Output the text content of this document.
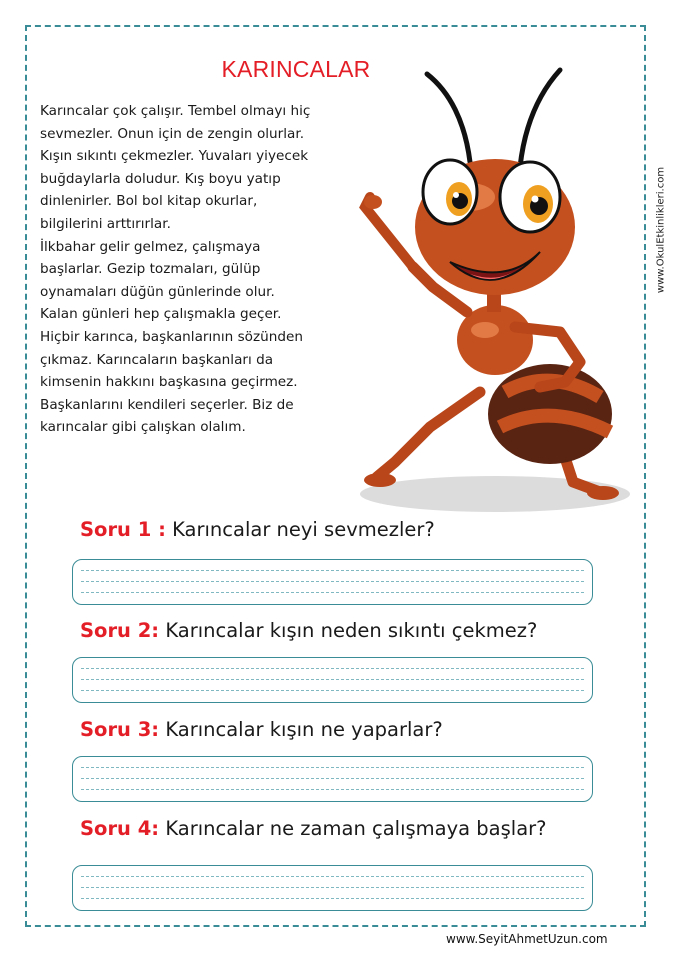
www.OkulEtkinlikleri.com
KARINCALAR
Karıncalar çok çalışır. Tembel olmayı hiç
sevmezler. Onun için de zengin olurlar.
Kışın sıkıntı çekmezler. Yuvaları yiyecek
buğdaylarla doludur. Kış boyu yatıp
dinlenirler. Bol bol kitap okurlar,
bilgilerini arttırırlar.
İlkbahar gelir gelmez, çalışmaya
başlarlar. Gezip tozmaları, gülüp
oynamaları düğün günlerinde olur.
Kalan günleri hep çalışmakla geçer.
Hiçbir karınca, başkanlarının sözünden
çıkmaz. Karıncaların başkanları da
kimsenin hakkını başkasına geçirmez.
Başkanlarını kendileri seçerler. Biz de
karıncalar gibi çalışkan olalım.
Soru 1 : Karıncalar neyi sevmezler?
Soru 2: Karıncalar kışın neden sıkıntı çekmez?
Soru 3: Karıncalar kışın ne yaparlar?
Soru 4: Karıncalar ne zaman çalışmaya başlar?
www.SeyitAhmetUzun.com
